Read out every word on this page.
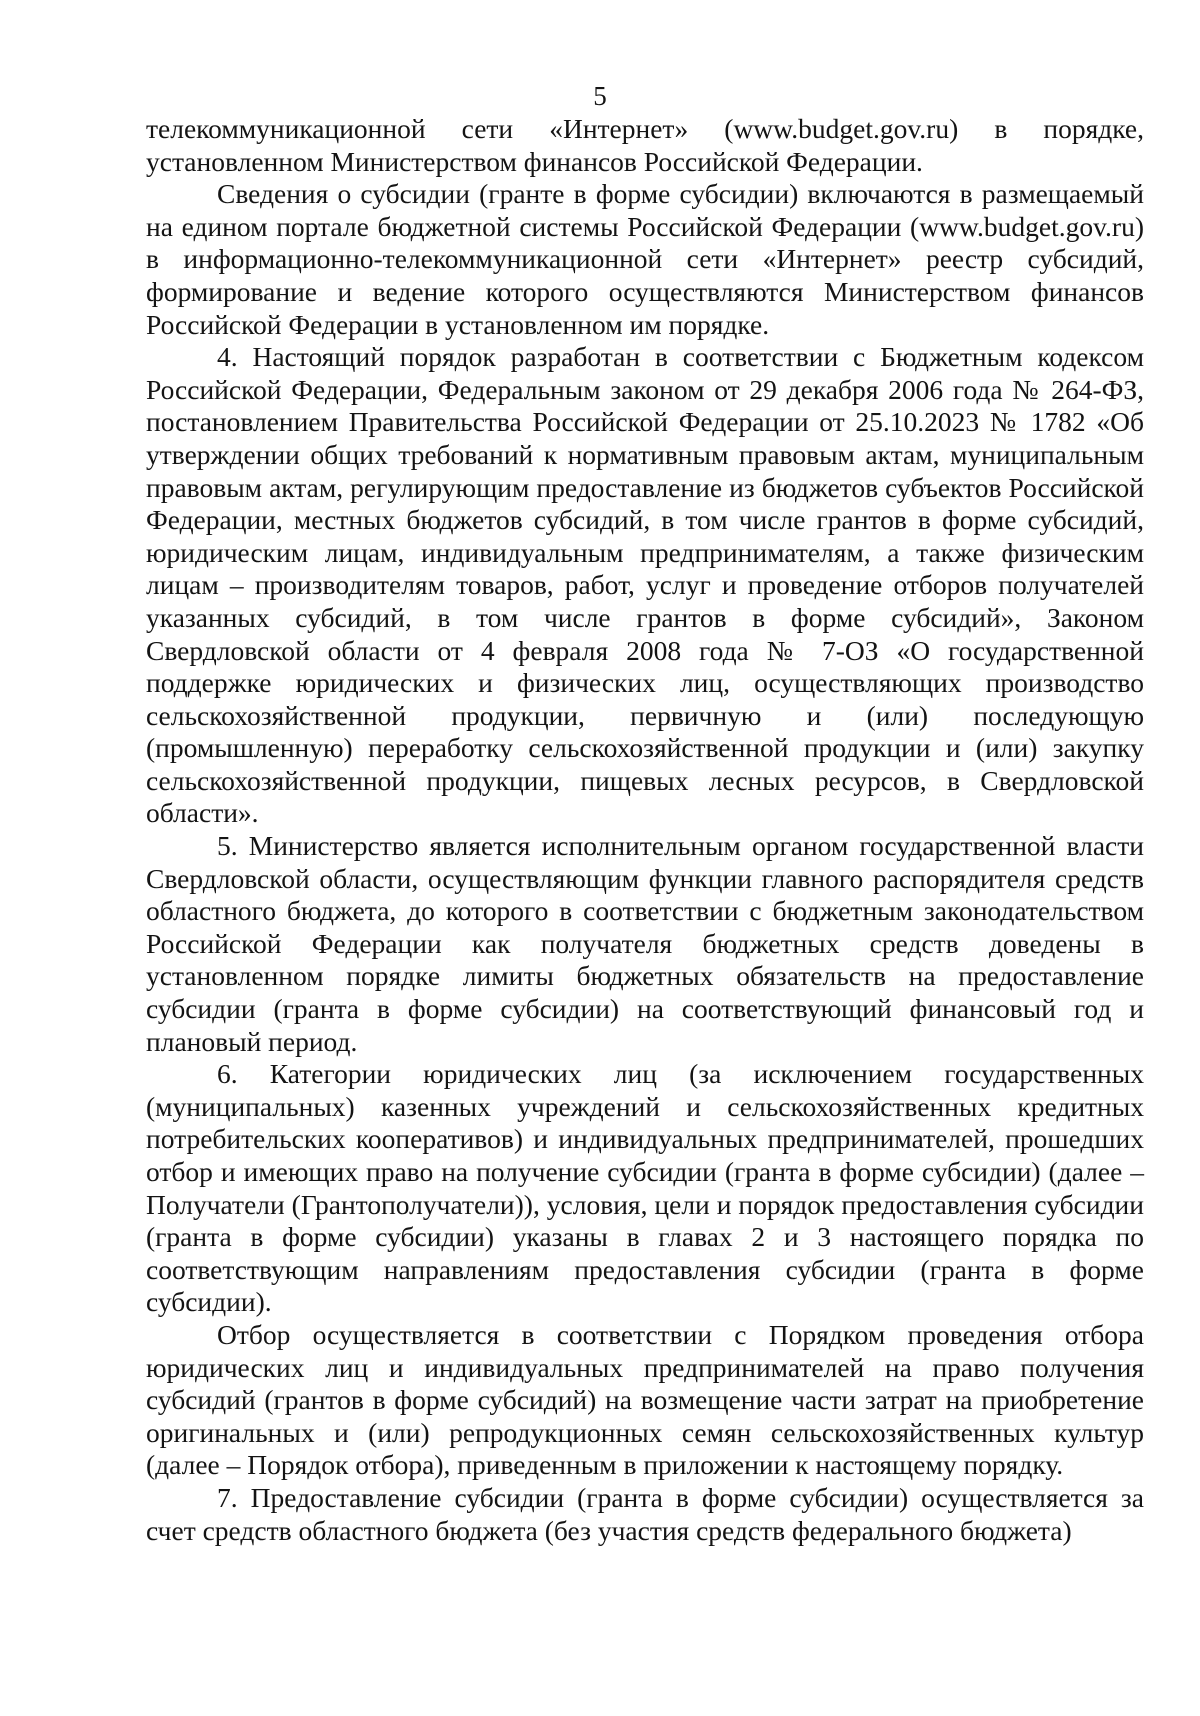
5

телекоммуникационной сети «Интернет» (www.budget.gov.ru) в порядке, установленном Министерством финансов Российской Федерации.

Сведения о субсидии (гранте в форме субсидии) включаются в размещаемый на едином портале бюджетной системы Российской Федерации (www.budget.gov.ru) в информационно-телекоммуникационной сети «Интернет» реестр субсидий, формирование и ведение которого осуществляются Министерством финансов Российской Федерации в установленном им порядке.

4. Настоящий порядок разработан в соответствии с Бюджетным кодексом Российской Федерации, Федеральным законом от 29 декабря 2006 года № 264-ФЗ, постановлением Правительства Российской Федерации от 25.10.2023 № 1782 «Об утверждении общих требований к нормативным правовым актам, муниципальным правовым актам, регулирующим предоставление из бюджетов субъектов Российской Федерации, местных бюджетов субсидий, в том числе грантов в форме субсидий, юридическим лицам, индивидуальным предпринимателям, а также физическим лицам – производителям товаров, работ, услуг и проведение отборов получателей указанных субсидий, в том числе грантов в форме субсидий», Законом Свердловской области от 4 февраля 2008 года № 7-ОЗ «О государственной поддержке юридических и физических лиц, осуществляющих производство сельскохозяйственной продукции, первичную и (или) последующую (промышленную) переработку сельскохозяйственной продукции и (или) закупку сельскохозяйственной продукции, пищевых лесных ресурсов, в Свердловской области».

5. Министерство является исполнительным органом государственной власти Свердловской области, осуществляющим функции главного распорядителя средств областного бюджета, до которого в соответствии с бюджетным законодательством Российской Федерации как получателя бюджетных средств доведены в установленном порядке лимиты бюджетных обязательств на предоставление субсидии (гранта в форме субсидии) на соответствующий финансовый год и плановый период.

6. Категории юридических лиц (за исключением государственных (муниципальных) казенных учреждений и сельскохозяйственных кредитных потребительских кооперативов) и индивидуальных предпринимателей, прошедших отбор и имеющих право на получение субсидии (гранта в форме субсидии) (далее – Получатели (Грантополучатели)), условия, цели и порядок предоставления субсидии (гранта в форме субсидии) указаны в главах 2 и 3 настоящего порядка по соответствующим направлениям предоставления субсидии (гранта в форме субсидии).

Отбор осуществляется в соответствии с Порядком проведения отбора юридических лиц и индивидуальных предпринимателей на право получения субсидий (грантов в форме субсидий) на возмещение части затрат на приобретение оригинальных и (или) репродукционных семян сельскохозяйственных культур (далее – Порядок отбора), приведенным в приложении к настоящему порядку.

7. Предоставление субсидии (гранта в форме субсидии) осуществляется за счет средств областного бюджета (без участия средств федерального бюджета)
